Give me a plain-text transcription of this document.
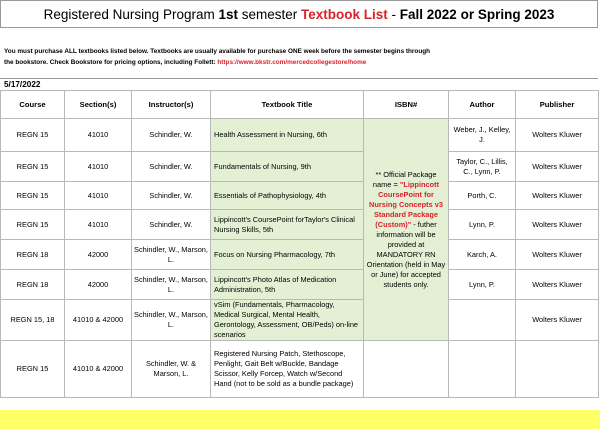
Registered Nursing Program 1st semester Textbook List - Fall 2022 or Spring 2023
You must purchase ALL textbooks listed below. Textbooks are usually available for purchase ONE week before the semester begins through
the bookstore. Check Bookstore for pricing options, including Follett: https://www.bkstr.com/mercedcollegestore/home
5/17/2022
Course	Section(s)	Instructor(s)	Textbook Title	ISBN#	Author	Publisher
REGN 15	41010	Schindler, W.	Health Assessment in Nursing, 6th	** Official Package name = "Lippincott CoursePoint for Nursing Concepts v3 Standard Package (Custom)" - futher information will be provided at MANDATORY RN Orientation (held in May or June) for accepted students only.	Weber, J., Kelley, J.	Wolters Kluwer
REGN 15	41010	Schindler, W.	Fundamentals of Nursing, 9th		Taylor, C., Lillis, C., Lynn, P.	Wolters Kluwer
REGN 15	41010	Schindler, W.	Essentials of Pathophysiology, 4th		Porth, C.	Wolters Kluwer
REGN 15	41010	Schindler, W.	Lippincott's CoursePoint forTaylor's Clinical Nursing Skills, 5th		Lynn, P.	Wolters Kluwer
REGN 18	42000	Schindler, W., Marson, L.	Focus on Nursing Pharmacology, 7th		Karch, A.	Wolters Kluwer
REGN 18	42000	Schindler, W., Marson, L.	Lippincott's Photo Atlas of Medication Administration, 5th		Lynn, P.	Wolters Kluwer
REGN 15, 18	41010 & 42000	Schindler, W., Marson, L.	vSim (Fundamentals, Pharmacology, Medical Surgical, Mental Health, Gerontology, Assessment, OB/Peds) on-line scenarios			Wolters Kluwer
REGN 15	41010 & 42000	Schindler, W. & Marson, L.	Registered Nursing Patch, Stethoscope, Penlight, Gait Belt w/Buckle, Bandage Scissor, Kelly Forcep, Watch w/Second Hand (not to be sold as a bundle package)			
